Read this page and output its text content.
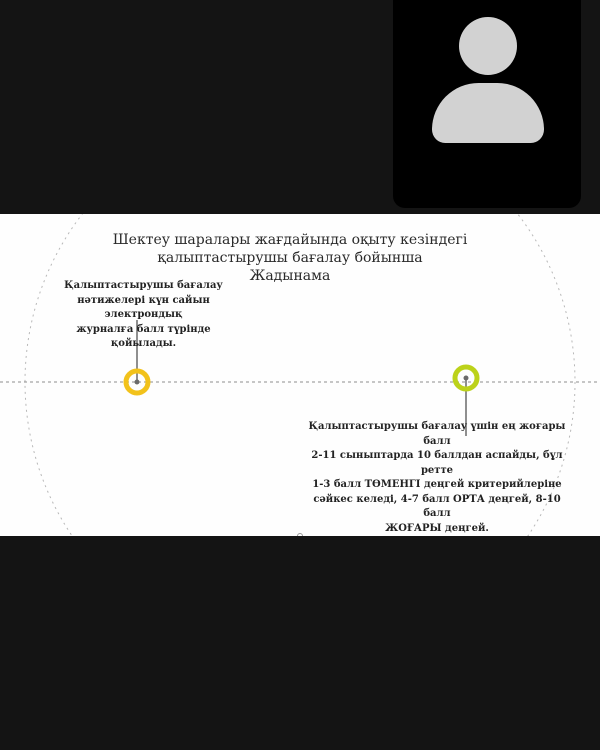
Шектеу шаралары жағдайында оқыту кезіндегі
қалыптастырушы бағалау бойынша
Жадынама
Қалыптастырушы бағалау
нәтижелері күн сайын электрондық
журналға балл түрінде қойылады.
Қалыптастырушы бағалау үшін ең жоғары балл
2-11 сыныптарда 10 баллдан аспайды, бұл ретте
1-3 балл ТӨМЕНГІ деңгей критерийлеріне
сәйкес келеді, 4-7 балл ОРТА деңгей, 8-10 балл
ЖОҒАРЫ деңгей.
